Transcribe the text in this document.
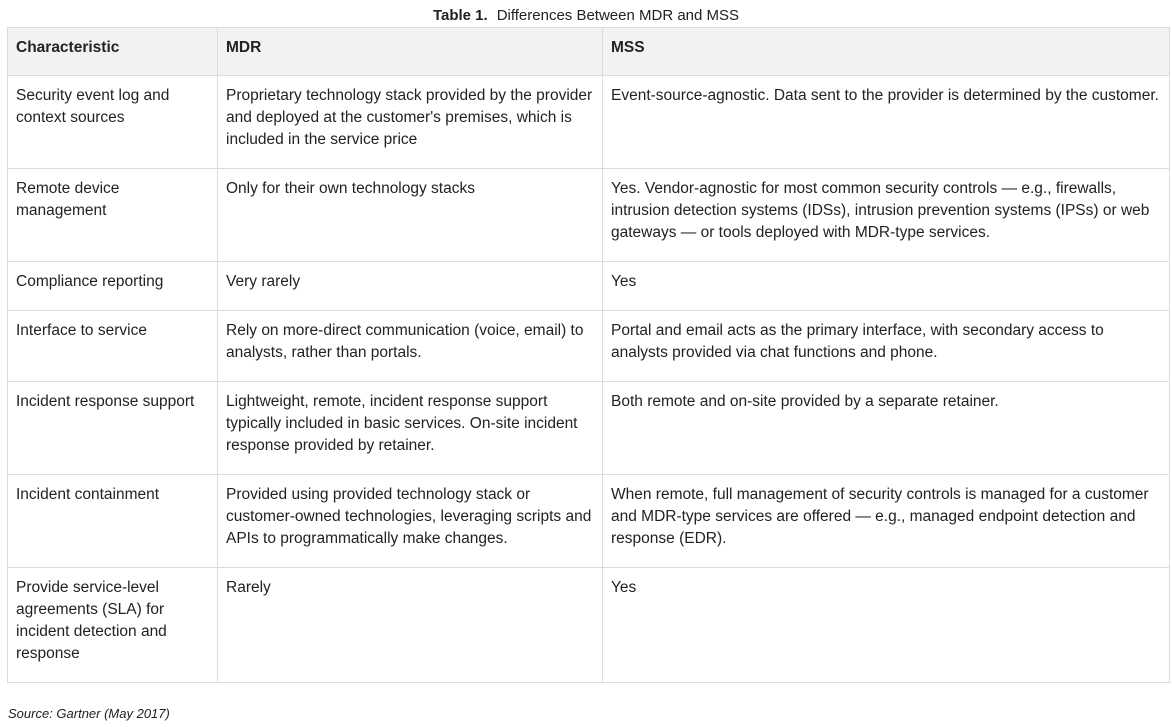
Table 1. Differences Between MDR and MSS
Characteristic	MDR	MSS
Security event log and context sources	Proprietary technology stack provided by the provider and deployed at the customer's premises, which is included in the service price	Event-source-agnostic. Data sent to the provider is determined by the customer.
Remote device management	Only for their own technology stacks	Yes. Vendor-agnostic for most common security controls — e.g., firewalls, intrusion detection systems (IDSs), intrusion prevention systems (IPSs) or web gateways — or tools deployed with MDR-type services.
Compliance reporting	Very rarely	Yes
Interface to service	Rely on more-direct communication (voice, email) to analysts, rather than portals.	Portal and email acts as the primary interface, with secondary access to analysts provided via chat functions and phone.
Incident response support	Lightweight, remote, incident response support typically included in basic services. On-site incident response provided by retainer.	Both remote and on-site provided by a separate retainer.
Incident containment	Provided using provided technology stack or customer-owned technologies, leveraging scripts and APIs to programmatically make changes.	When remote, full management of security controls is managed for a customer and MDR-type services are offered — e.g., managed endpoint detection and response (EDR).
Provide service-level agreements (SLA) for incident detection and response	Rarely	Yes
Source: Gartner (May 2017)
